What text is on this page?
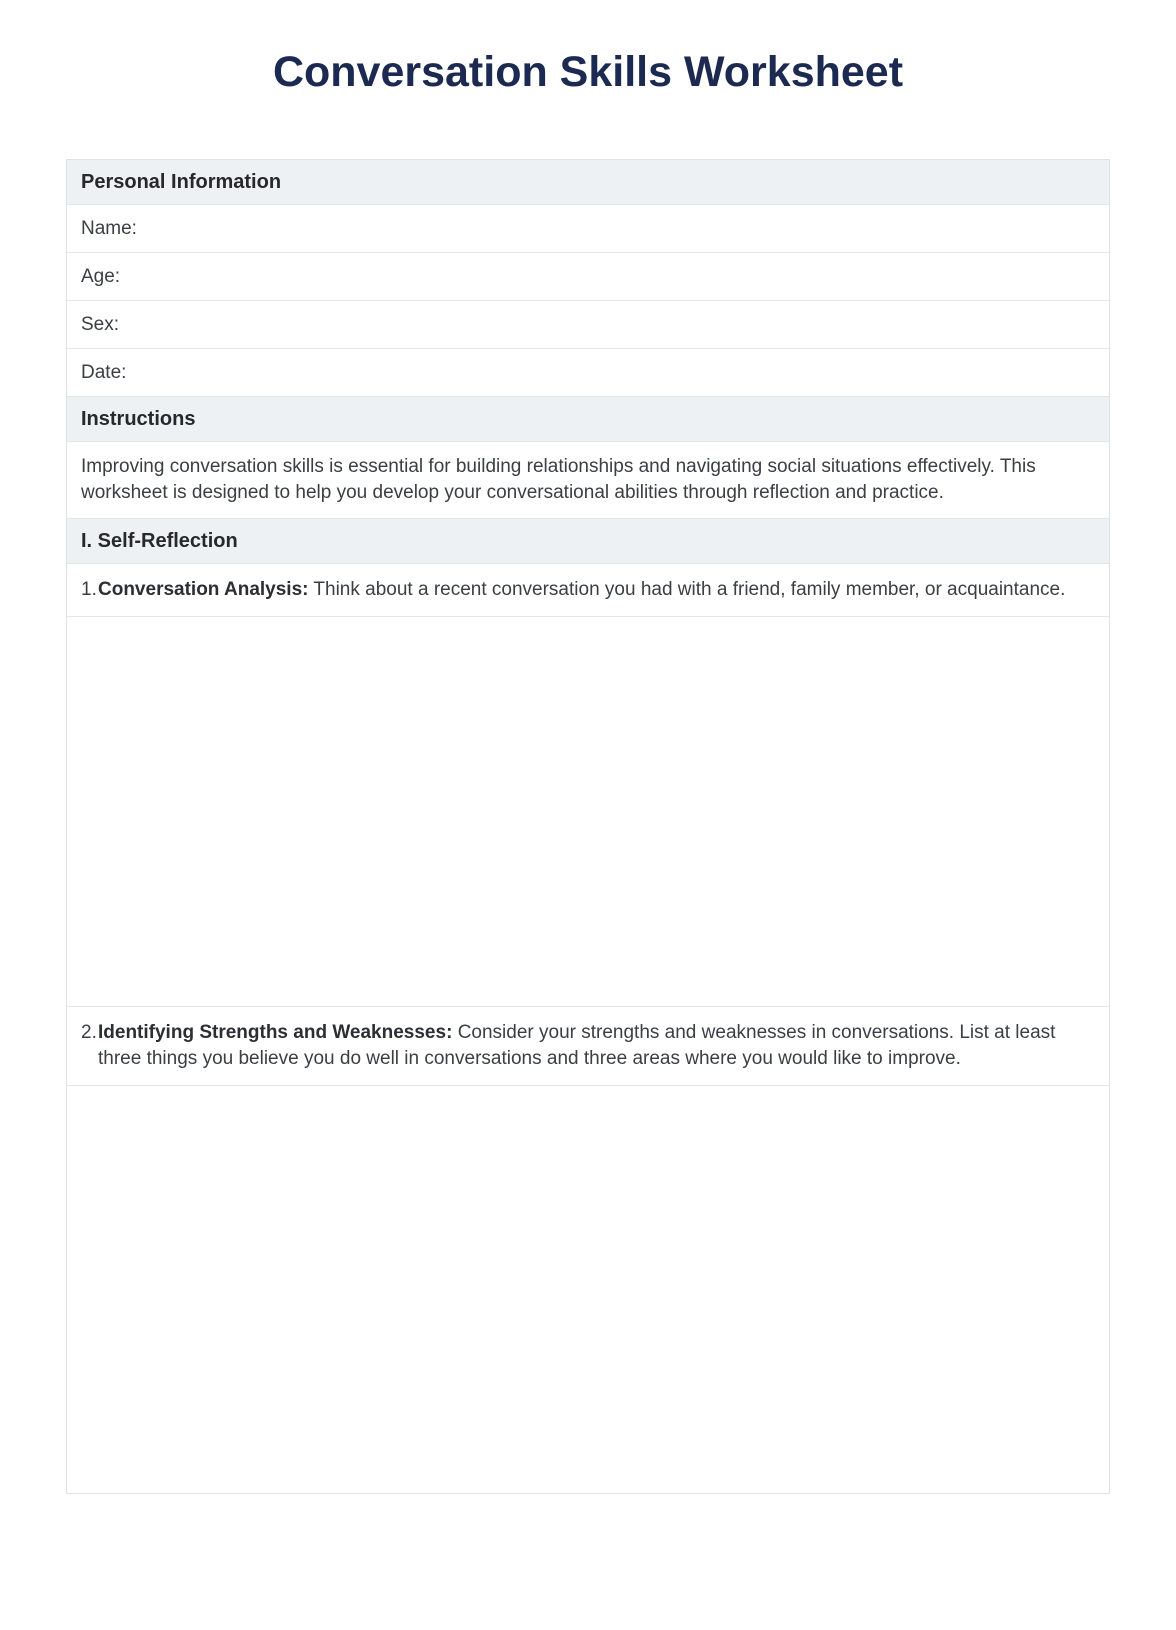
Conversation Skills Worksheet
Personal Information
Name:
Age:
Sex:
Date:
Instructions
Improving conversation skills is essential for building relationships and navigating social situations effectively. This worksheet is designed to help you develop your conversational abilities through reflection and practice.
I. Self-Reflection
1. Conversation Analysis: Think about a recent conversation you had with a friend, family member, or acquaintance.
2. Identifying Strengths and Weaknesses: Consider your strengths and weaknesses in conversations. List at least three things you believe you do well in conversations and three areas where you would like to improve.
